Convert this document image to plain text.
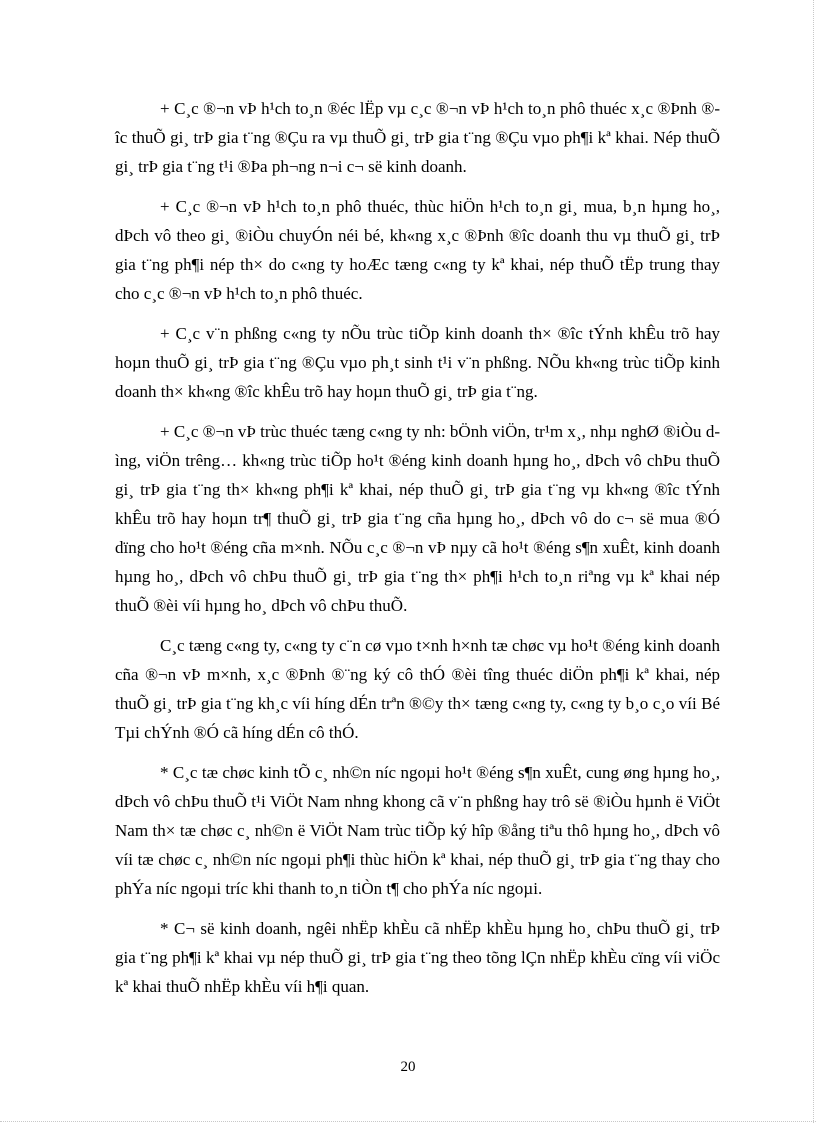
+ C¸c ®¬n vÞ h¹ch to¸n ®éc lËp vµ c¸c ®¬n vÞ h¹ch to¸n phô thuéc x¸c ®Þnh ®îc thuÕ gi¸ trÞ gia t¨ng ®Çu ra vµ thuÕ gi¸ trÞ gia t¨ng ®Çu vµo ph¶i kª khai. Nép thuÕ gi¸ trÞ gia t¨ng t¹i ®Þa ph¬ng n¬i c¬ së kinh doanh.

+ C¸c ®¬n vÞ h¹ch to¸n phô thuéc, thùc hiÖn h¹ch to¸n gi¸ mua, b¸n hµng ho¸, dÞch vô theo gi¸ ®iÒu chuyÓn néi bé, kh«ng x¸c ®Þnh ®îc doanh thu vµ thuÕ gi¸ trÞ gia t¨ng ph¶i nép th× do c«ng ty hoÆc tæng c«ng ty kª khai, nép thuÕ tËp trung thay cho c¸c ®¬n vÞ h¹ch to¸n phô thuéc.

+ C¸c v¨n phßng c«ng ty nÕu trùc tiÕp kinh doanh th× ®îc tÝnh khÊu trõ hay hoµn thuÕ gi¸ trÞ gia t¨ng ®Çu vµo ph¸t sinh t¹i v¨n phßng. NÕu kh«ng trùc tiÕp kinh doanh th× kh«ng ®îc khÊu trõ hay hoµn thuÕ gi¸ trÞ gia t¨ng.

+ C¸c ®¬n vÞ trùc thuéc tæng c«ng ty nh: bÖnh viÖn, tr¹m x¸, nhµ nghØ ®iÒu dìng, viÖn trêng… kh«ng trùc tiÕp ho¹t ®éng kinh doanh hµng ho¸, dÞch vô chÞu thuÕ gi¸ trÞ gia t¨ng th× kh«ng ph¶i kª khai, nép thuÕ gi¸ trÞ gia t¨ng vµ kh«ng ®îc tÝnh khÊu trõ hay hoµn tr¶ thuÕ gi¸ trÞ gia t¨ng cña hµng ho¸, dÞch vô do c¬ së mua ®Ó dïng cho ho¹t ®éng cña m×nh. NÕu c¸c ®¬n vÞ nµy cã ho¹t ®éng s¶n xuÊt, kinh doanh hµng ho¸, dÞch vô chÞu thuÕ gi¸ trÞ gia t¨ng th× ph¶i h¹ch to¸n riªng vµ kª khai nép thuÕ ®èi víi hµng ho¸ dÞch vô chÞu thuÕ.

C¸c tæng c«ng ty, c«ng ty c¨n cø vµo t×nh h×nh tæ chøc vµ ho¹t ®éng kinh doanh cña ®¬n vÞ m×nh, x¸c ®Þnh ®¨ng ký cô thÓ ®èi tîng thuéc diÖn ph¶i kª khai, nép thuÕ gi¸ trÞ gia t¨ng kh¸c víi híng dÉn trªn ®©y th× tæng c«ng ty, c«ng ty b¸o c¸o víi Bé Tµi chÝnh ®Ó cã híng dÉn cô thÓ.

* C¸c tæ chøc kinh tÕ c¸ nh©n níc ngoµi ho¹t ®éng s¶n xuÊt, cung øng hµng ho¸, dÞch vô chÞu thuÕ t¹i ViÖt Nam nhng khong cã v¨n phßng hay trô së ®iÒu hµnh ë ViÖt Nam th× tæ chøc c¸ nh©n ë ViÖt Nam trùc tiÕp ký hîp ®ång tiªu thô hµng ho¸, dÞch vô víi tæ chøc c¸ nh©n níc ngoµi ph¶i thùc hiÖn kª khai, nép thuÕ gi¸ trÞ gia t¨ng thay cho phÝa níc ngoµi tríc khi thanh to¸n tiÒn t¶ cho phÝa níc ngoµi.

* C¬ së kinh doanh, ngêi nhËp khÈu cã nhËp khÈu hµng ho¸ chÞu thuÕ gi¸ trÞ gia t¨ng ph¶i kª khai vµ nép thuÕ gi¸ trÞ gia t¨ng theo tõng lÇn nhËp khÈu cïng víi viÖc kª khai thuÕ nhËp khÈu víi h¶i quan.

20
